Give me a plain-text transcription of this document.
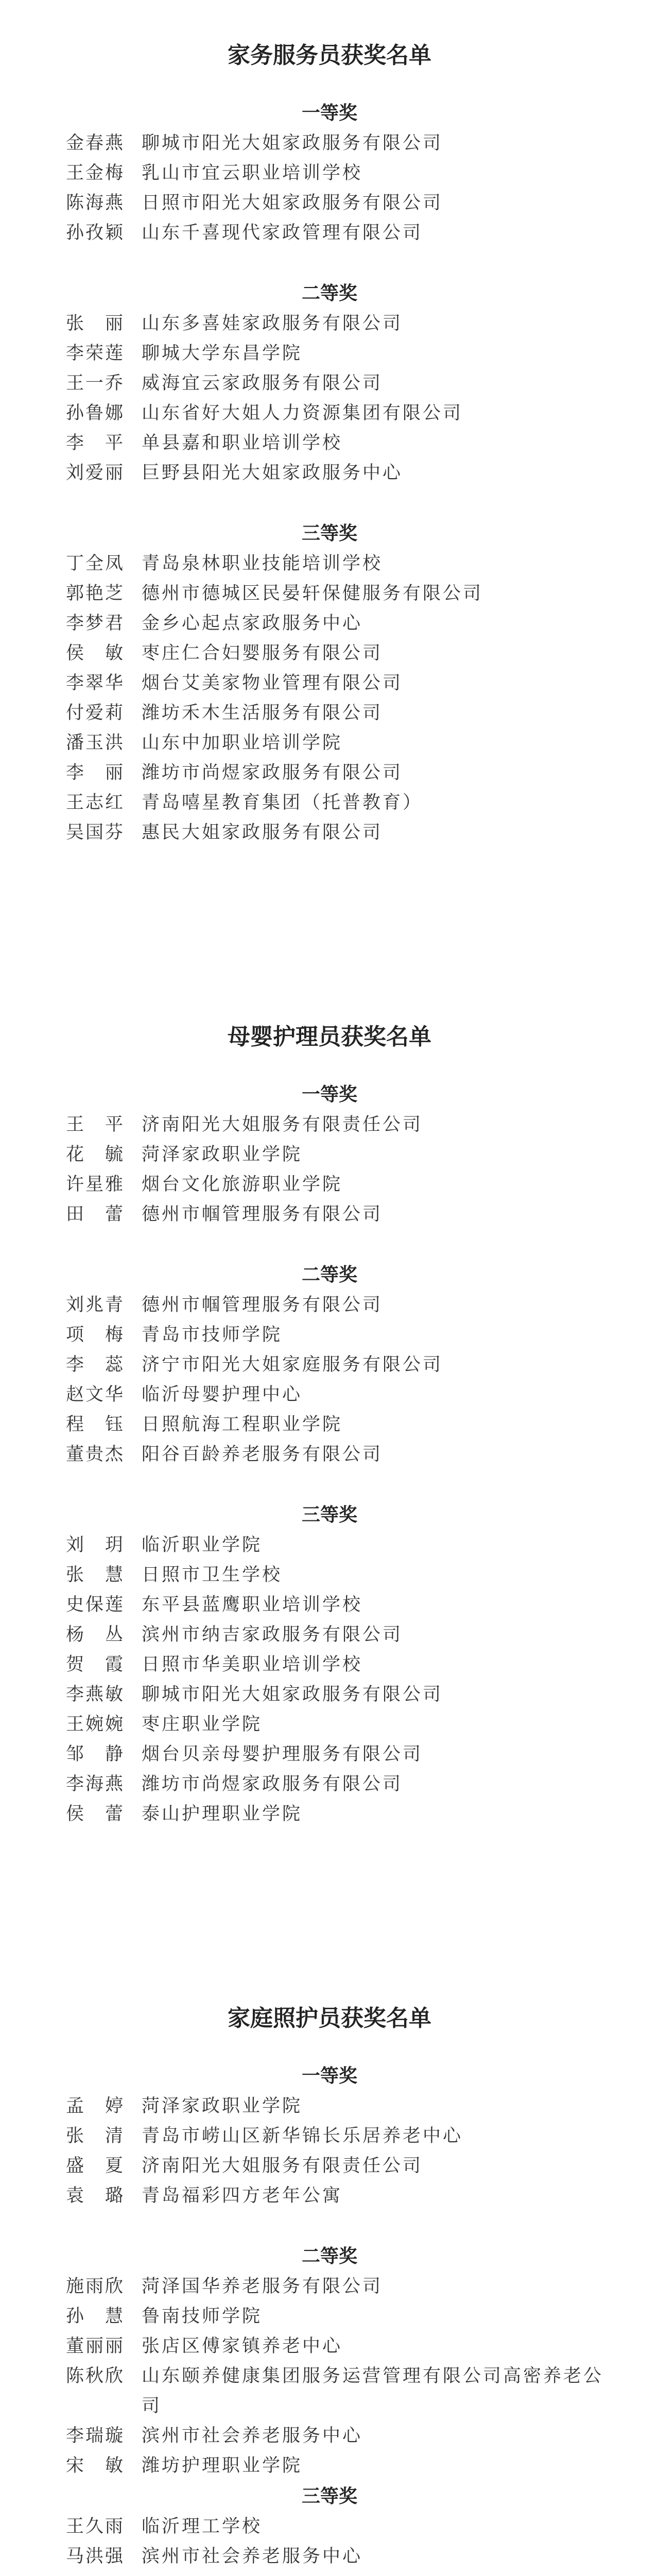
家务服务员获奖名单
一等奖
金春燕 聊城市阳光大姐家政服务有限公司
王金梅 乳山市宜云职业培训学校
陈海燕 日照市阳光大姐家政服务有限公司
孙孜颖 山东千喜现代家政管理有限公司
二等奖
张　丽 山东多喜娃家政服务有限公司
李荣莲 聊城大学东昌学院
王一乔 威海宜云家政服务有限公司
孙鲁娜 山东省好大姐人力资源集团有限公司
李　平 单县嘉和职业培训学校
刘爱丽 巨野县阳光大姐家政服务中心
三等奖
丁全凤 青岛泉林职业技能培训学校
郭艳芝 德州市德城区民晏轩保健服务有限公司
李梦君 金乡心起点家政服务中心
侯　敏 枣庄仁合妇婴服务有限公司
李翠华 烟台艾美家物业管理有限公司
付爱莉 潍坊禾木生活服务有限公司
潘玉洪 山东中加职业培训学院
李　丽 潍坊市尚煜家政服务有限公司
王志红 青岛嘻星教育集团（托普教育）
吴国芬 惠民大姐家政服务有限公司
母婴护理员获奖名单
一等奖
王　平 济南阳光大姐服务有限责任公司
花　毓 菏泽家政职业学院
许星雅 烟台文化旅游职业学院
田　蕾 德州市帼管理服务有限公司
二等奖
刘兆青 德州市帼管理服务有限公司
项　梅 青岛市技师学院
李　蕊 济宁市阳光大姐家庭服务有限公司
赵文华 临沂母婴护理中心
程　钰 日照航海工程职业学院
董贵杰 阳谷百龄养老服务有限公司
三等奖
刘　玥 临沂职业学院
张　慧 日照市卫生学校
史保莲 东平县蓝鹰职业培训学校
杨　丛 滨州市纳吉家政服务有限公司
贺　霞 日照市华美职业培训学校
李燕敏 聊城市阳光大姐家政服务有限公司
王婉婉 枣庄职业学院
邹　静 烟台贝亲母婴护理服务有限公司
李海燕 潍坊市尚煜家政服务有限公司
侯　蕾 泰山护理职业学院
家庭照护员获奖名单
一等奖
孟　婷 菏泽家政职业学院
张　清 青岛市崂山区新华锦长乐居养老中心
盛　夏 济南阳光大姐服务有限责任公司
袁　璐 青岛福彩四方老年公寓
二等奖
施雨欣 菏泽国华养老服务有限公司
孙　慧 鲁南技师学院
董丽丽 张店区傅家镇养老中心
陈秋欣 山东颐养健康集团服务运营管理有限公司高密养老公司
李瑞璇 滨州市社会养老服务中心
宋　敏 潍坊护理职业学院
三等奖
王久雨 临沂理工学校
马洪强 滨州市社会养老服务中心
